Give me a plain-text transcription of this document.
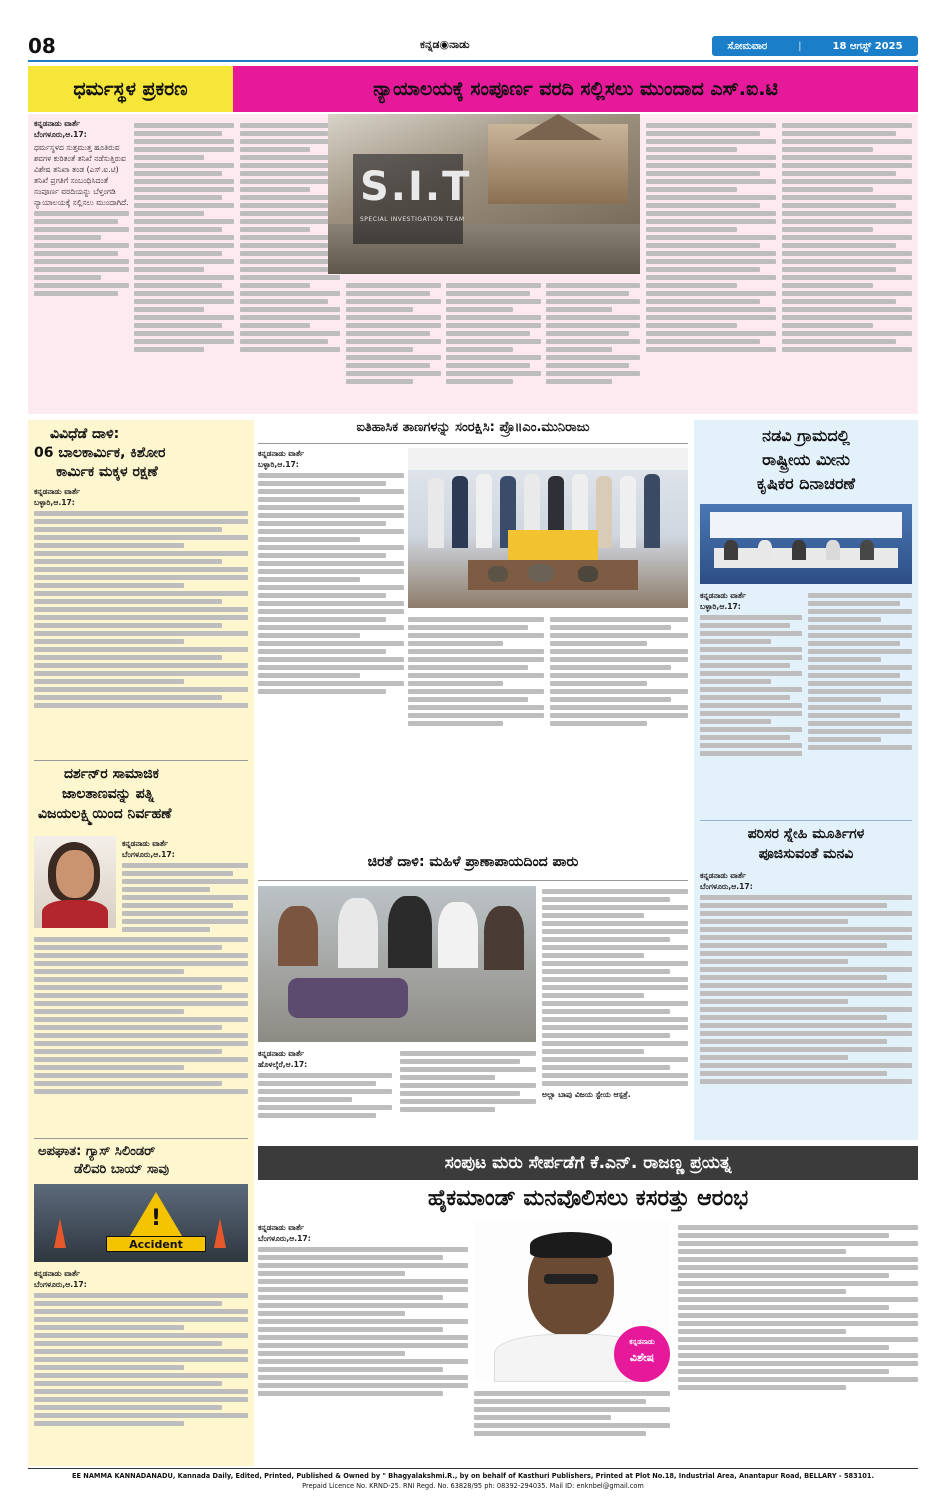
08	ಕನ್ನಡ◉ನಾಡು	ಸೋಮವಾರ	|	18 ಆಗಸ್ಟ್ 2025
ಧರ್ಮಸ್ಥಳ ಪ್ರಕರಣ	ನ್ಯಾಯಾಲಯಕ್ಕೆ ಸಂಪೂರ್ಣ ವರದಿ ಸಲ್ಲಿಸಲು ಮುಂದಾದ ಎಸ್.ಐ.ಟಿ
ಕನ್ನಡನಾಡು ವಾರ್ತೆ
ಬೆಂಗಳೂರು,ಆ.17:
ಧರ್ಮಸ್ಥಳದ ಸುತ್ತಮುತ್ತ ಹೂತಿರುವ ಶವಗಳ ಕುರಿತಂತೆ ತನಿಖೆ ನಡೆಸುತ್ತಿರುವ ವಿಶೇಷ ತನಿಖಾ ತಂಡ (ಎಸ್.ಐ.ಟಿ) ತನಿಖೆ ಪ್ರಗತಿಗೆ ಸಂಬಂಧಿಸಿದಂತೆ ಸಂಪೂರ್ಣ ವರದಿಯನ್ನು ಬೆಳ್ತಂಗಡಿ ನ್ಯಾಯಾಲಯಕ್ಕೆ ಸಲ್ಲಿಸಲು ಮುಂದಾಗಿದೆ.	S.I.T
SPECIAL INVESTIGATION TEAM
ವಿವಿಧೆಡೆ ದಾಳಿ:
06 ಬಾಲಕಾರ್ಮಿಕ, ಕಿಶೋರ
ಕಾರ್ಮಿಕ ಮಕ್ಕಳ ರಕ್ಷಣೆ
ಕನ್ನಡನಾಡು ವಾರ್ತೆ
ಬಳ್ಳಾರಿ,ಆ.17:
ದರ್ಶನ್‌ರ ಸಾಮಾಜಿಕ
ಜಾಲತಾಣವನ್ನು ಪತ್ನಿ
ವಿಜಯಲಕ್ಷ್ಮಿಯಿಂದ ನಿರ್ವಹಣೆ
ಕನ್ನಡನಾಡು ವಾರ್ತೆ
ಬೆಂಗಳೂರು,ಆ.17:
ಅಪಘಾತ: ಗ್ಯಾಸ್ ಸಿಲಿಂಡರ್
ಡೆಲಿವರಿ ಬಾಯ್ ಸಾವು
!
Accident
ಕನ್ನಡನಾಡು ವಾರ್ತೆ
ಬೆಂಗಳೂರು,ಆ.17:
ಐತಿಹಾಸಿಕ ತಾಣಗಳನ್ನು ಸಂರಕ್ಷಿಸಿ: ಪ್ರೊ॥ಎಂ.ಮುನಿರಾಜು
ಕನ್ನಡನಾಡು ವಾರ್ತೆ
ಬಳ್ಳಾರಿ,ಆ.17:
ಚಿರತೆ ದಾಳಿ: ಮಹಿಳೆ ಪ್ರಾಣಾಪಾಯದಿಂದ ಪಾರು
ಕನ್ನಡನಾಡು ವಾರ್ತೆ
ಹೊಳಲ್ಕೆರೆ,ಆ.17:
ಅಲ್ಲಾ ಬಾಪು ವಿಜಯ ಸ್ಟೇಯ ಆಸ್ಪತ್ರೆ.
ನಡವಿ ಗ್ರಾಮದಲ್ಲಿ
ರಾಷ್ಟ್ರೀಯ ಮೀನು
ಕೃಷಿಕರ ದಿನಾಚರಣೆ
ಕನ್ನಡನಾಡು ವಾರ್ತೆ
ಬಳ್ಳಾರಿ,ಆ.17:
ಪರಿಸರ ಸ್ನೇಹಿ ಮೂರ್ತಿಗಳ
ಪೂಜಿಸುವಂತೆ ಮನವಿ
ಕನ್ನಡನಾಡು ವಾರ್ತೆ
ಬೆಂಗಳೂರು,ಆ.17:
ಸಂಪುಟ ಮರು ಸೇರ್ಪಡೆಗೆ ಕೆ.ಎನ್. ರಾಜಣ್ಣ ಪ್ರಯತ್ನ
ಹೈಕಮಾಂಡ್ ಮನವೊಲಿಸಲು ಕಸರತ್ತು ಆರಂಭ
ಕನ್ನಡನಾಡು ವಾರ್ತೆ
ಬೆಂಗಳೂರು,ಆ.17:
ಕನ್ನಡನಾಡು
ವಿಶೇಷ
EE NAMMA KANNADANADU, Kannada Daily, Edited, Printed, Published & Owned by " Bhagyalakshmi.R., by on behalf of Kasthuri Publishers, Printed at Plot No.18, Industrial Area, Anantapur Road, BELLARY - 583101.
Prepaid Licence No. KRND-25. RNI Regd. No. 63828/95 ph: 08392-294035. Mail ID: enknbel@gmail.com
